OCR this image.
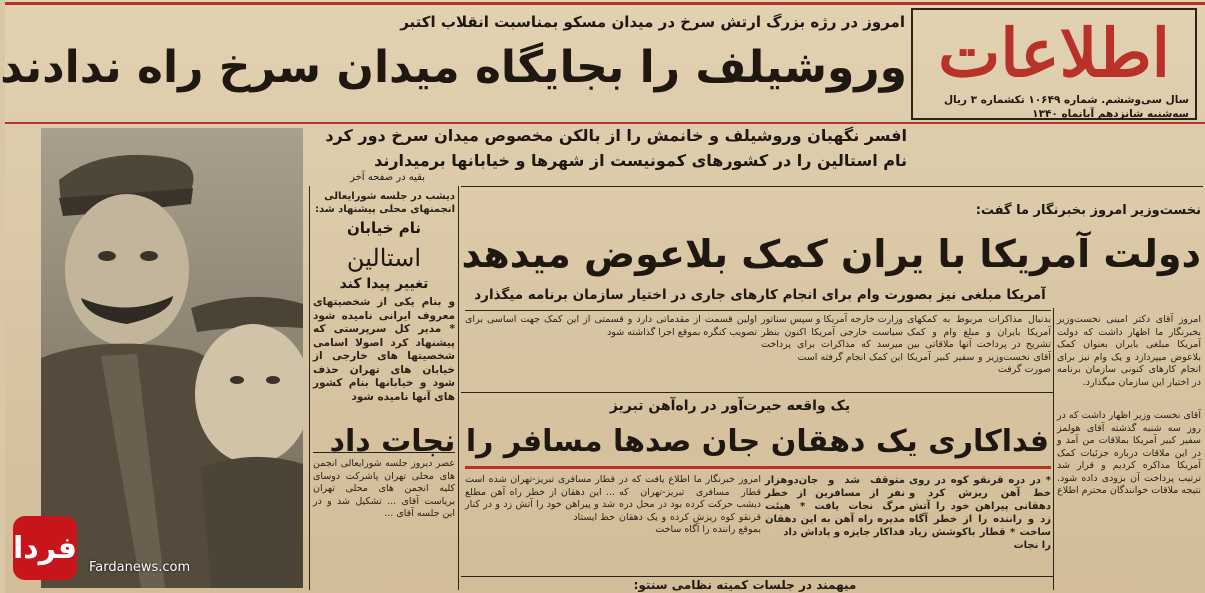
اطلاعات
سال سی‌وششم. شماره ۱۰۶۴۹ تکشماره ۳ ریال
سه‌شنبه شانزدهم آبانماه ۱۳۴۰
امروز در رژه بزرگ ارتش سرخ در میدان مسکو بمناسبت انقلاب اکتبر
وروشیلف را بجایگاه میدان سرخ راه ندادند
افسر نگهبان وروشیلف و خانمش را از بالکن مخصوص میدان سرخ دور کرد
نام استالین را در کشورهای کمونیست از شهرها و خیابانها برمیدارند
بقیه در صفحه آخر
دیشب در جلسه شورایعالی انجمنهای محلی پیشنهاد شد:
نام خیابان
استالین
تغییر پیدا کند
و بنام یکی از شخصیتهای معروف ایرانی نامیده شود * مدیر کل سرپرستی که پیشنهاد کرد اصولا اسامی شخصیتها های خارجی از خیابان های تهران حذف شود و خیابانها بنام کشور های آنها نامیده شود
عصر دیروز جلسه شورایعالی انجمن های محلی تهران پاشرکت دوسای کلیه انجمن های محلی تهران بریاست آقای ... تشکیل شد و در این جلسه آقای ...
نخست‌وزیر امروز بخبرنگار ما گفت:
دولت آمریکا با یران کمک بلاعوض میدهد
آمریکا مبلغی نیز بصورت وام برای انجام کارهای جاری در اختیار سازمان برنامه میگذارد
امروز آقای دکتر امینی نخست‌وزیر بخبرنگار ما اظهار داشت که دولت آمریکا مبلغی بایران بعنوان کمک بلاعوض میپردازد و یک وام نیز برای انجام کارهای کنونی سازمان برنامه در اختیار این سازمان میگذارد.
بدنبال مذاکرات مربوط به کمکهای آمریکا بایران و مبلغ وام و کمک تشریح در پرداخت آنها ملاقاتی بین آقای نخست‌وزیر و سفیر کبیر آمریکا صورت گرفت
وزارت خارجه آمریکا و سپس سناتور سیاست خارجی آمریکا اکنون بنظر میرسد که مذاکرات برای پرداخت این کمک انجام گرفته است
اولین قسمت از مقدماتی دارد و قسمتی از این کمک جهت اساسی برای تصویب کنگره بموقع اجرا گذاشته شود
آقای نخست وزیر اظهار داشت که در روز سه شنبه گذشته آقای هولمز سفیر کبیر آمریکا بملاقات من آمد و در این ملاقات درباره جزئیات کمک آمریکا مذاکره کردیم و قرار شد ترتیب پرداخت آن بزودی داده شود. نتیجه ملاقات خوانندگان محترم اطلاع
یک واقعه حیرت‌آور در راه‌آهن تبریز
فداکاری یک دهقان جان صدها مسافر را نجات داد
* در دره قرنقو کوه در روی خط آهن ریزش کرد و دهقانی پیراهن خود را آتش زد و راننده را از خطر آگاه ساخت * قطار باکوشش زیاد را نجات
متوقف شد و جان‌دوهزار نفر از مسافرین از خطر مرگ نجات یافت * هیئت مدیره راه آهن به این دهقان فداکار جایزه و پاداش داد
امروز خبرنگار ما اطلاع یافت که در قطار مسافری تبریز-تهران که دیشب حرکت کرده بود در محل دره قرنقو کوه ریزش کرده و یک دهقان بموقع راننده را آگاه ساخت
قطار مسافری تبریز-تهران شده است ... این دهقان از خطر راه آهن مطلع شد و پیراهن خود را آتش زد و در کنار خط ایستاد
میهمند در جلسات کمیته نظامی سنتو:
فردا
Fardanews.com
